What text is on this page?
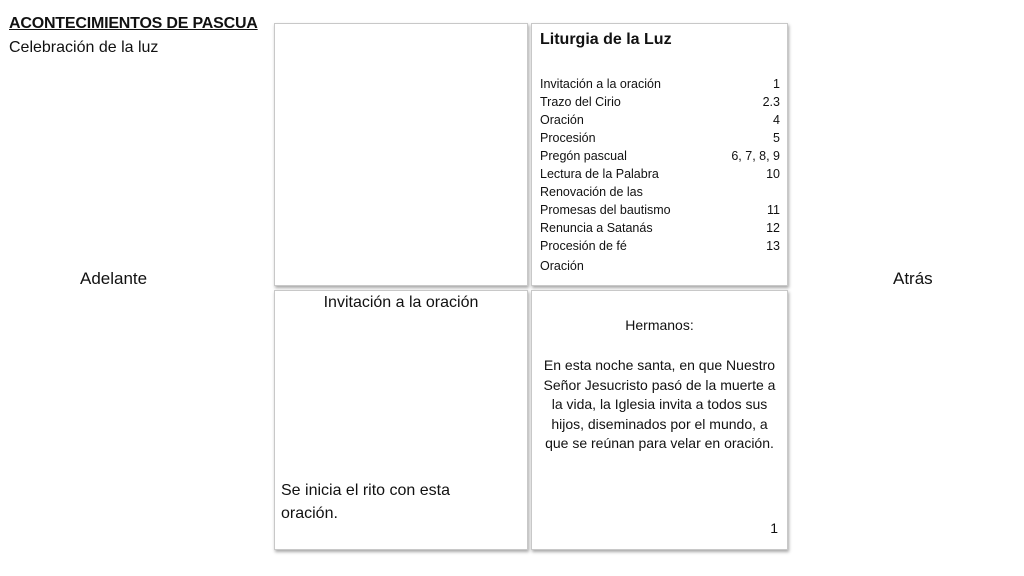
ACONTECIMIENTOS DE PASCUA
Celebración de la luz
Adelante	Atrás
Liturgia de la Luz
Invitación a la oración	1
Trazo del Cirio	2.3
Oración	4
Procesión	5
Pregón pascual	6, 7, 8, 9
Lectura de la Palabra	10
Renovación de las
Promesas del bautismo	11
Renuncia a Satanás	12
Procesión de fé	13
Oración
Invitación a la oración
Se inicia el rito con esta oración.
Hermanos:
En esta noche santa, en que Nuestro Señor Jesucristo pasó de la muerte a la vida, la Iglesia invita a todos sus hijos, diseminados por el mundo, a que se reúnan para velar en oración.
1
